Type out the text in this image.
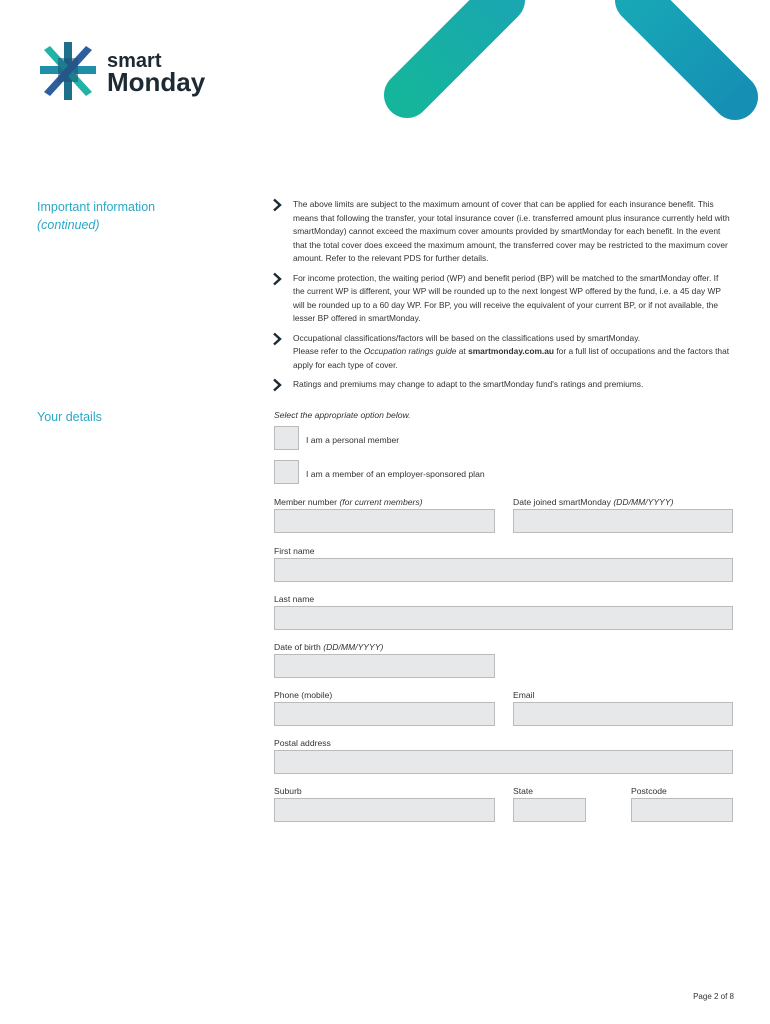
smart
Monday
Important information
(continued)
The above limits are subject to the maximum amount of cover that can be applied for each insurance benefit. This means that following the transfer, your total insurance cover (i.e. transferred amount plus insurance currently held with smartMonday) cannot exceed the maximum cover amounts provided by smartMonday for each benefit. In the event that the total cover does exceed the maximum amount, the transferred cover may be restricted to the maximum cover amount. Refer to the relevant PDS for further details.
For income protection, the waiting period (WP) and benefit period (BP) will be matched to the smartMonday offer. If the current WP is different, your WP will be rounded up to the next longest WP offered by the fund, i.e. a 45 day WP will be rounded up to a 60 day WP. For BP, you will receive the equivalent of your current BP, or if not available, the lesser BP offered in smartMonday.
Occupational classifications/factors will be based on the classifications used by smartMonday.
Please refer to the Occupation ratings guide at smartmonday.com.au for a full list of occupations and the factors that apply for each type of cover.
Ratings and premiums may change to adapt to the smartMonday fund's ratings and premiums.
Your details	Select the appropriate option below.
I am a personal member
I am a member of an employer-sponsored plan
Member number (for current members)	Date joined smartMonday (DD/MM/YYYY)
First name
Last name
Date of birth (DD/MM/YYYY)
Phone (mobile)	Email
Postal address
Suburb	State	Postcode
Page 2 of 8
